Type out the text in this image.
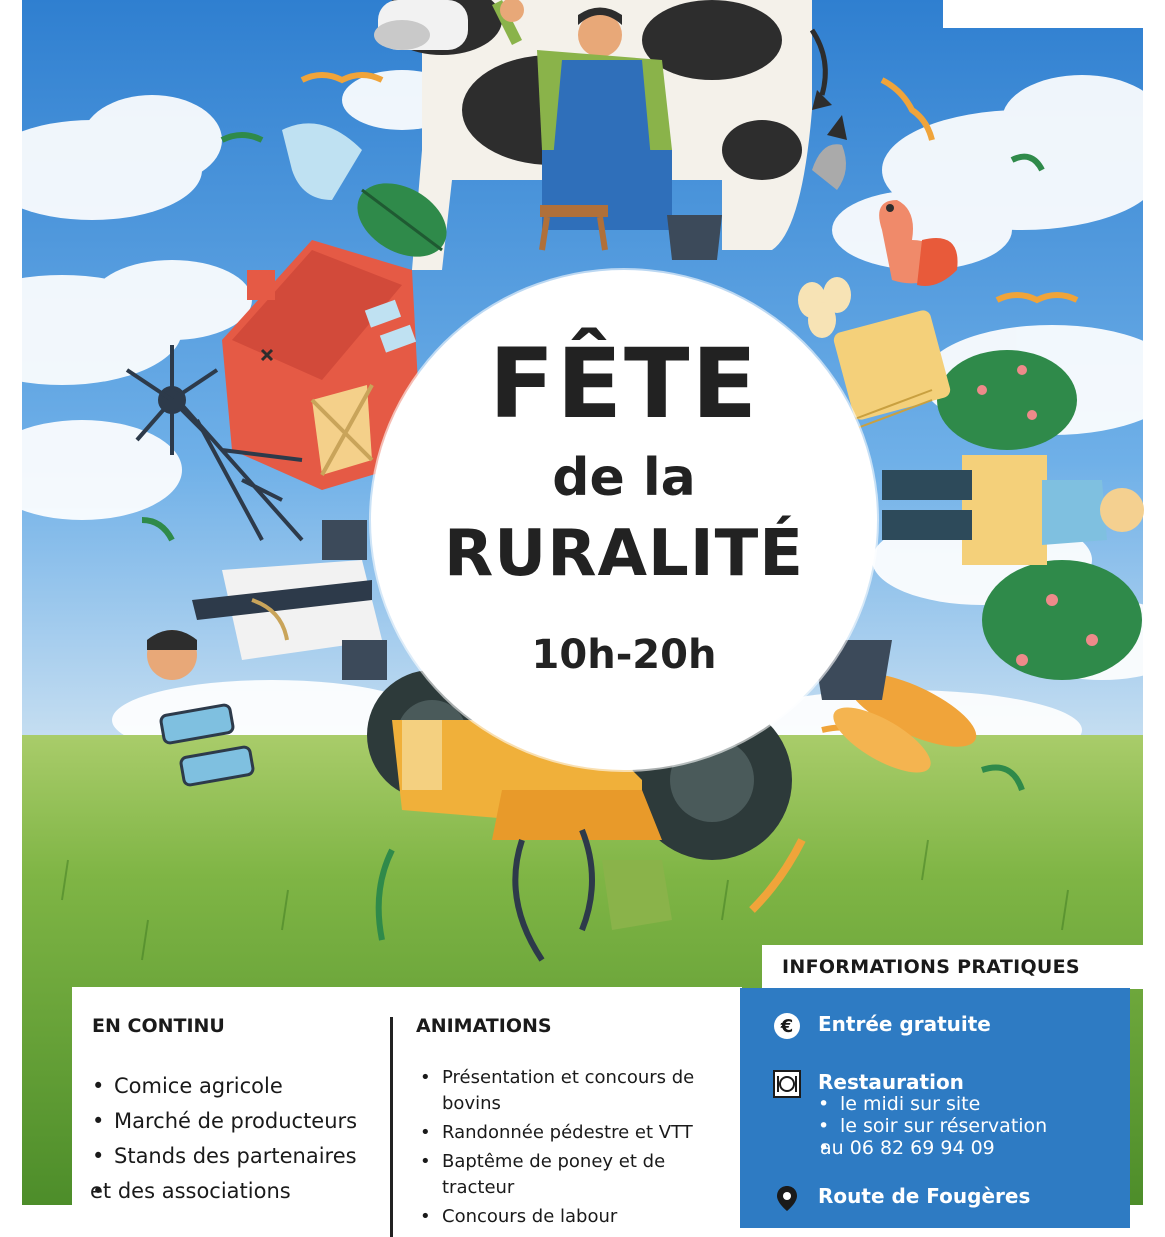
FÊTE
de la
RURALITÉ
10h-20h
INFORMATIONS PRATIQUES
EN CONTINU	ANIMATIONS
• Comice agricole
• Marché de producteurs
• Stands des partenaires
• et des associations
• Présentation et concours de
bovins
• Randonnée pédestre et VTT
• Baptême de poney et de
tracteur
• Concours de labour
€ Entrée gratuite
Restauration
• le midi sur site
• le soir sur réservation
• au 06 82 69 94 09
Route de Fougères
